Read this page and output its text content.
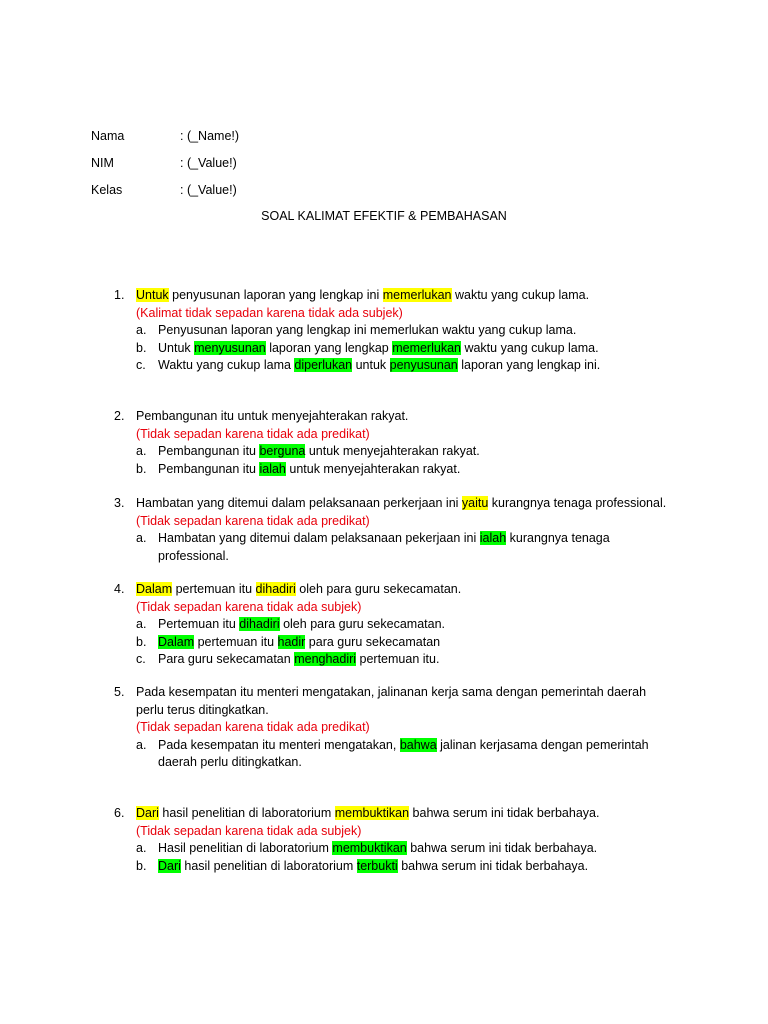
Nama	: (_Name!)
NIM	: (_Value!)
Kelas	: (_Value!)
SOAL KALIMAT EFEKTIF & PEMBAHASAN
1. Untuk penyusunan laporan yang lengkap ini memerlukan waktu yang cukup lama.
(Kalimat tidak sepadan karena tidak ada subjek)
a. Penyusunan laporan yang lengkap ini memerlukan waktu yang cukup lama.
b. Untuk menyusunan laporan yang lengkap memerlukan waktu yang cukup lama.
c. Waktu yang cukup lama diperlukan untuk penyusunan laporan yang lengkap ini.
2. Pembangunan itu untuk menyejahterakan rakyat.
(Tidak sepadan karena tidak ada predikat)
a. Pembangunan itu berguna untuk menyejahterakan rakyat.
b. Pembangunan itu ialah untuk menyejahterakan rakyat.
3. Hambatan yang ditemui dalam pelaksanaan perkerjaan ini yaitu kurangnya tenaga professional.
(Tidak sepadan karena tidak ada predikat)
a. Hambatan yang ditemui dalam pelaksanaan pekerjaan ini ialah kurangnya tenaga
professional.
4. Dalam pertemuan itu dihadiri oleh para guru sekecamatan.
(Tidak sepadan karena tidak ada subjek)
a. Pertemuan itu dihadiri oleh para guru sekecamatan.
b. Dalam pertemuan itu hadir para guru sekecamatan
c. Para guru sekecamatan menghadiri pertemuan itu.
5. Pada kesempatan itu menteri mengatakan, jalinanan kerja sama dengan pemerintah daerah
perlu terus ditingkatkan.
(Tidak sepadan karena tidak ada predikat)
a. Pada kesempatan itu menteri mengatakan, bahwa jalinan kerjasama dengan pemerintah
daerah perlu ditingkatkan.
6. Dari hasil penelitian di laboratorium membuktikan bahwa serum ini tidak berbahaya.
(Tidak sepadan karena tidak ada subjek)
a. Hasil penelitian di laboratorium membuktikan bahwa serum ini tidak berbahaya.
b. Dari hasil penelitian di laboratorium terbukti bahwa serum ini tidak berbahaya.
